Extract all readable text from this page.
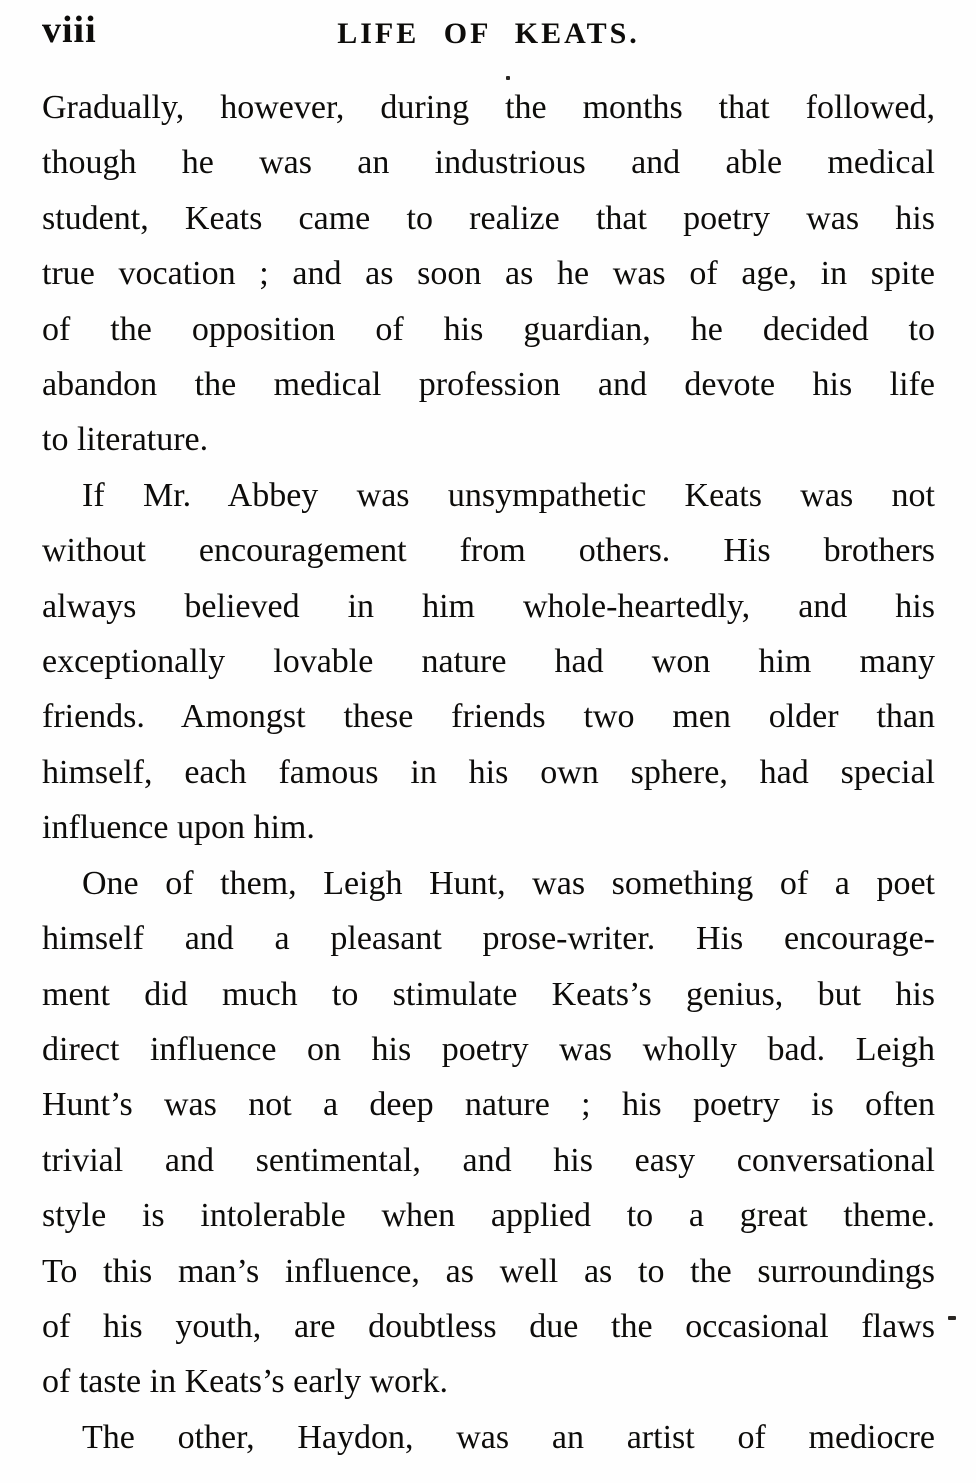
viii	LIFE OF KEATS.
Gradually, however, during the months that followed,
though he was an industrious and able medical
student, Keats came to realize that poetry was his
true vocation ; and as soon as he was of age, in spite
of the opposition of his guardian, he decided to
abandon the medical profession and devote his life
to literature.
If Mr. Abbey was unsympathetic Keats was not
without encouragement from others. His brothers
always believed in him whole-heartedly, and his
exceptionally lovable nature had won him many
friends. Amongst these friends two men older than
himself, each famous in his own sphere, had special
influence upon him.
One of them, Leigh Hunt, was something of a poet
himself and a pleasant prose-writer. His encourage-
ment did much to stimulate Keats’s genius, but his
direct influence on his poetry was wholly bad. Leigh
Hunt’s was not a deep nature ; his poetry is often
trivial and sentimental, and his easy conversational
style is intolerable when applied to a great theme.
To this man’s influence, as well as to the surroundings
of his youth, are doubtless due the occasional flaws
of taste in Keats’s early work.
The other, Haydon, was an artist of mediocre
